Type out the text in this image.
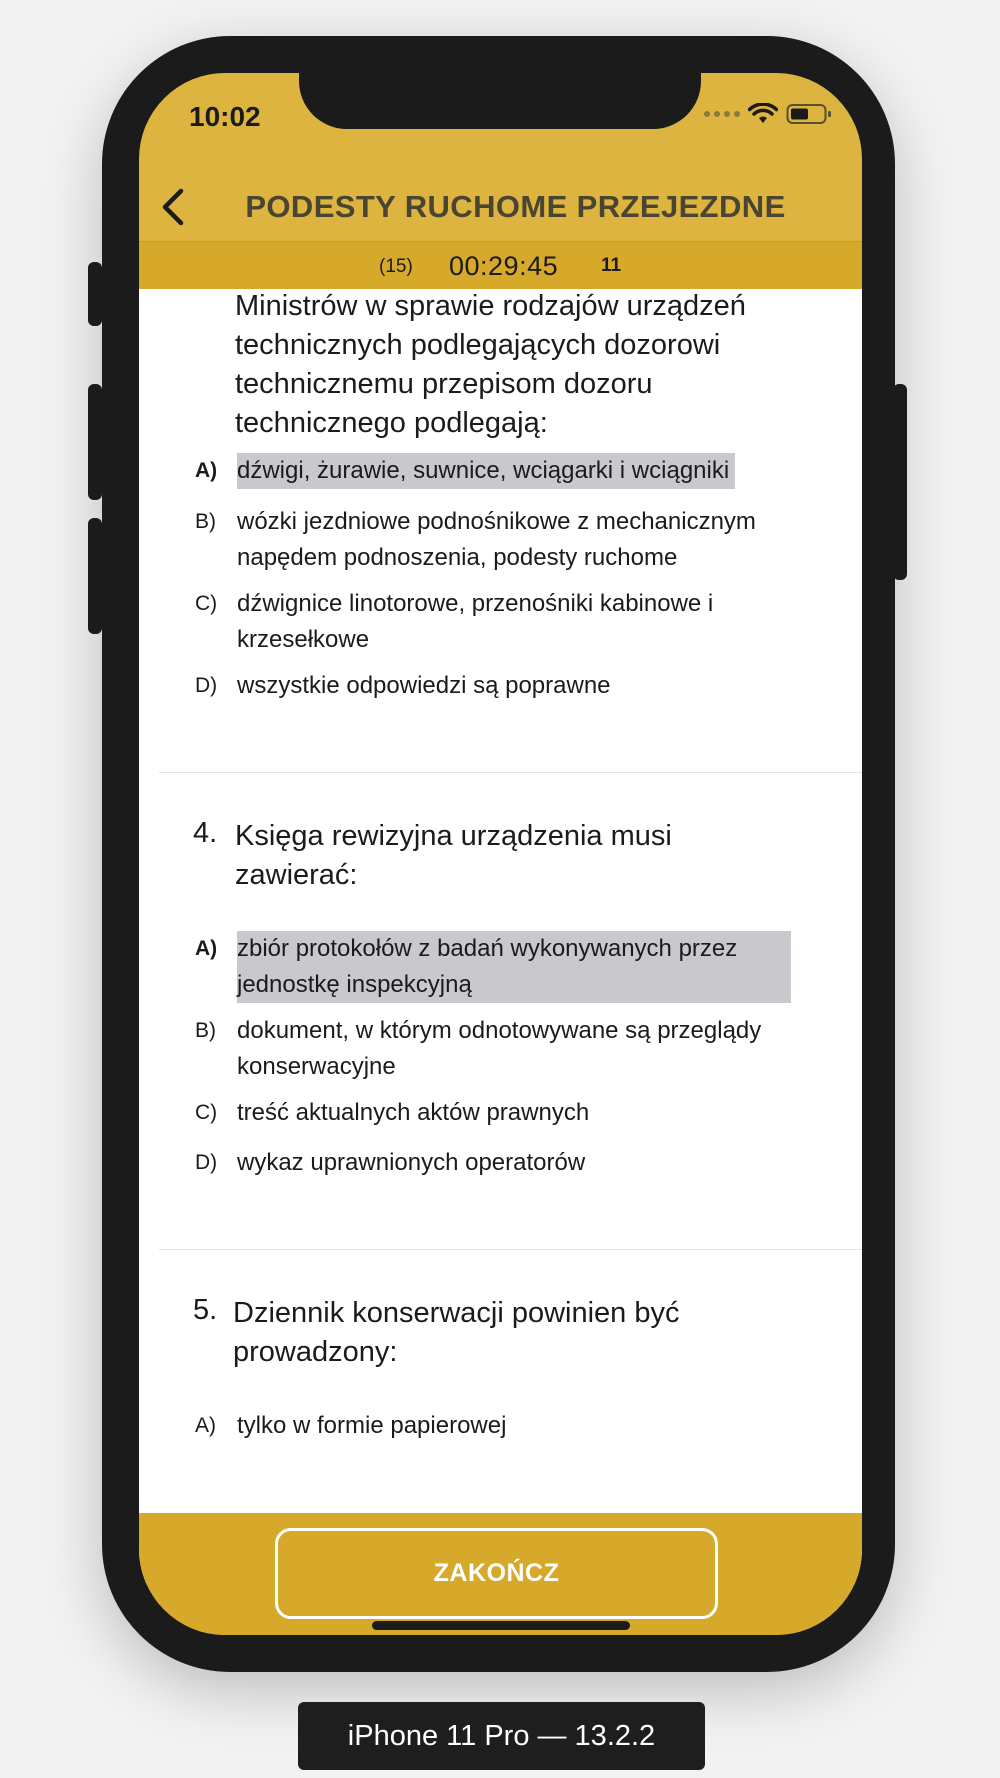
10:02
PODESTY RUCHOME PRZEJEZDNE
(15) 00:29:45 11
Ministrów w sprawie rodzajów urządzeń
technicznych podlegających dozorowi
technicznemu przepisom dozoru
technicznego podlegają:
A) dźwigi, żurawie, suwnice, wciągarki i wciągniki
B) wózki jezdniowe podnośnikowe z mechanicznym
napędem podnoszenia, podesty ruchome
C) dźwignice linotorowe, przenośniki kabinowe i
krzesełkowe
D) wszystkie odpowiedzi są poprawne
4. Księga rewizyjna urządzenia musi
zawierać:
A) zbiór protokołów z badań wykonywanych przez
jednostkę inspekcyjną
B) dokument, w którym odnotowywane są przeglądy
konserwacyjne
C) treść aktualnych aktów prawnych
D) wykaz uprawnionych operatorów
5. Dziennik konserwacji powinien być
prowadzony:
A) tylko w formie papierowej
ZAKOŃCZ
iPhone 11 Pro — 13.2.2
